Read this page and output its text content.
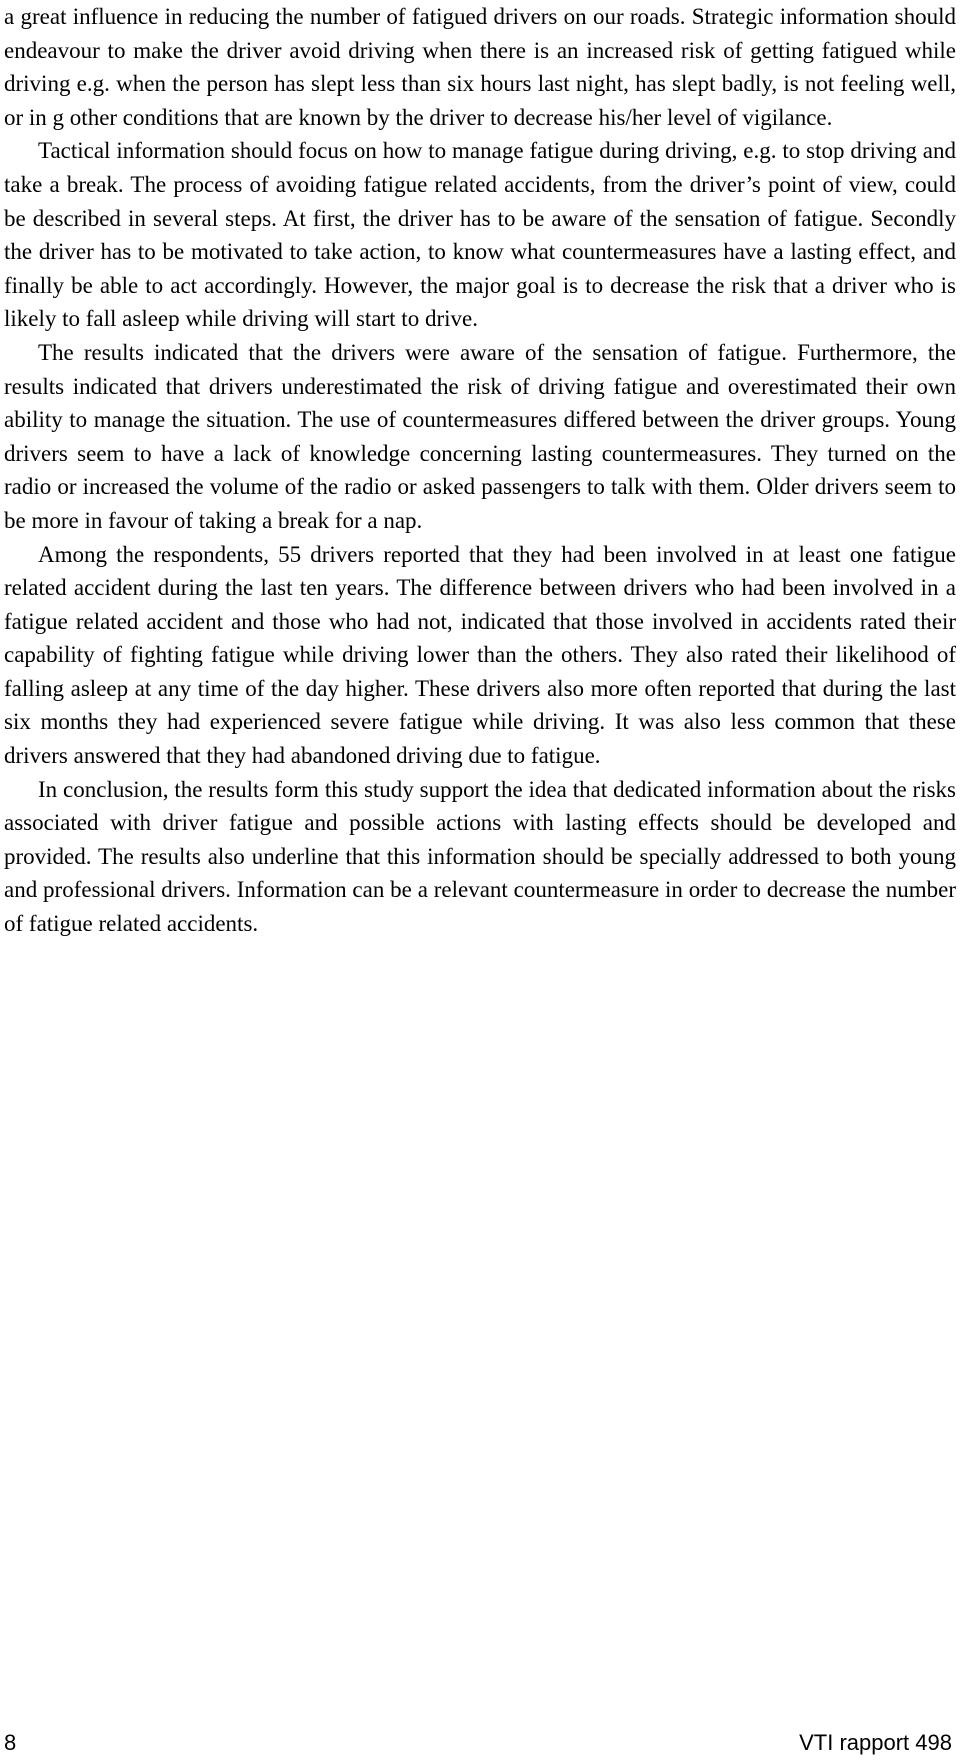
a great influence in reducing the number of fatigued drivers on our roads. Strategic information should endeavour to make the driver avoid driving when there is an increased risk of getting fatigued while driving e.g. when the person has slept less than six hours last night, has slept badly, is not feeling well, or in g other conditions that are known by the driver to decrease his/her level of vigilance.

Tactical information should focus on how to manage fatigue during driving, e.g. to stop driving and take a break. The process of avoiding fatigue related accidents, from the driver’s point of view, could be described in several steps. At first, the driver has to be aware of the sensation of fatigue. Secondly the driver has to be motivated to take action, to know what countermeasures have a lasting effect, and finally be able to act accordingly. However, the major goal is to decrease the risk that a driver who is likely to fall asleep while driving will start to drive.

The results indicated that the drivers were aware of the sensation of fatigue. Furthermore, the results indicated that drivers underestimated the risk of driving fatigue and overestimated their own ability to manage the situation. The use of countermeasures differed between the driver groups. Young drivers seem to have a lack of knowledge concerning lasting countermeasures. They turned on the radio or increased the volume of the radio or asked passengers to talk with them. Older drivers seem to be more in favour of taking a break for a nap.

Among the respondents, 55 drivers reported that they had been involved in at least one fatigue related accident during the last ten years. The difference between drivers who had been involved in a fatigue related accident and those who had not, indicated that those involved in accidents rated their capability of fighting fatigue while driving lower than the others. They also rated their likelihood of falling asleep at any time of the day higher. These drivers also more often reported that during the last six months they had experienced severe fatigue while driving. It was also less common that these drivers answered that they had abandoned driving due to fatigue.

In conclusion, the results form this study support the idea that dedicated information about the risks associated with driver fatigue and possible actions with lasting effects should be developed and provided. The results also underline that this information should be specially addressed to both young and professional drivers. Information can be a relevant countermeasure in order to decrease the number of fatigue related accidents.

8	VTI rapport 498
